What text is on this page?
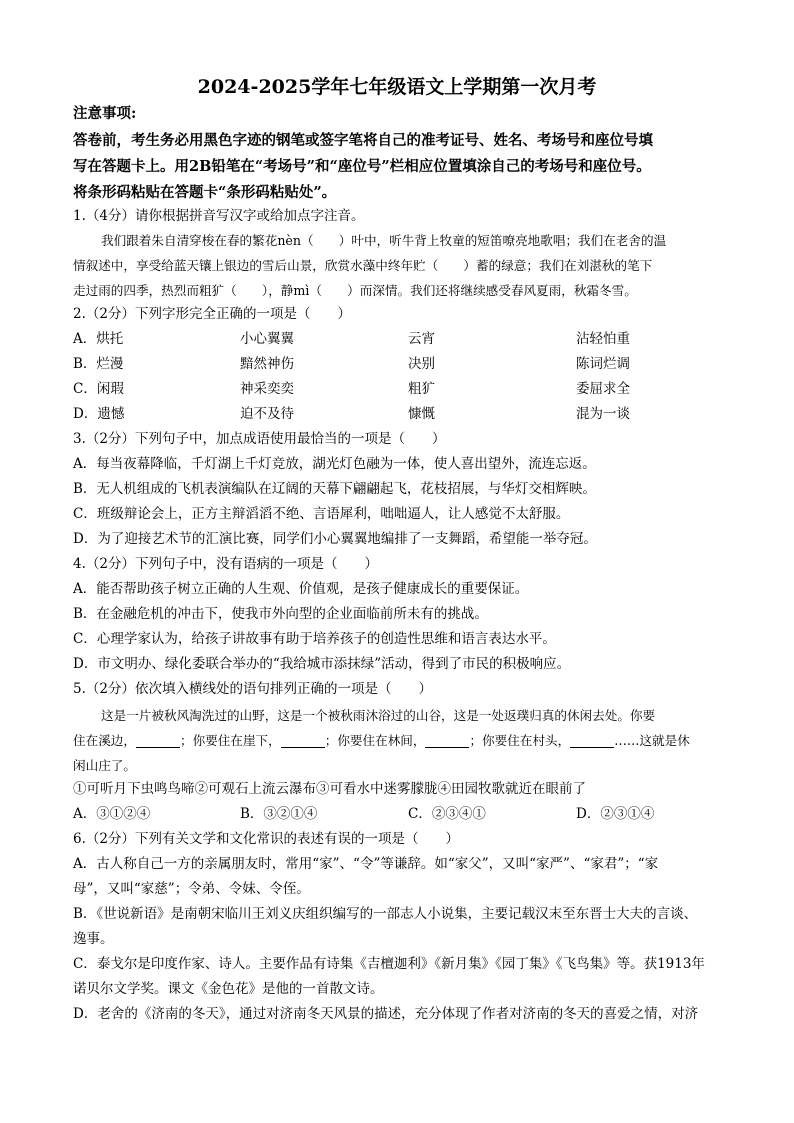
2024-2025学年七年级语文上学期第一次月考
注意事项:
答卷前，考生务必用黑色字迹的钢笔或签字笔将自己的准考证号、姓名、考场号和座位号填
写在答题卡上。用2B铅笔在“考场号”和“座位号”栏相应位置填涂自己的考场号和座位号。
将条形码粘贴在答题卡“条形码粘贴处”。
1.（4分）请你根据拼音写汉字或给加点字注音。
我们跟着朱自清穿梭在春的繁花nèn（　　）叶中，听牛背上牧童的短笛嘹亮地歌唱；我们在老舍的温
情叙述中，享受给蓝天镶上银边的雪后山景，欣赏水藻中终年贮（　　）蓄的绿意；我们在刘湛秋的笔下
走过雨的四季，热烈而粗犷（　　），静mì（　　）而深情。我们还将继续感受春风夏雨，秋霜冬雪。
2.（2分）下列字形完全正确的一项是（　　）
A．烘托	小心翼翼	云宵	沾轻怕重
B．烂漫	黯然神伤	决别	陈词烂调
C．闲瑕	神采奕奕	粗犷	委屈求全
D．遗憾	迫不及待	慷慨	混为一谈
3.（2分）下列句子中，加点成语使用最恰当的一项是（　　）
A．每当夜幕降临，千灯湖上千灯竞放，湖光灯色融为一体，使人喜出望外，流连忘返。
B．无人机组成的飞机表演编队在辽阔的天幕下翩翩起飞，花枝招展，与华灯交相辉映。
C．班级辩论会上，正方主辩滔滔不绝、言语犀利，咄咄逼人，让人感觉不太舒服。
D．为了迎接艺术节的汇演比赛，同学们小心翼翼地编排了一支舞蹈，希望能一举夺冠。
4.（2分）下列句子中，没有语病的一项是（　　）
A．能否帮助孩子树立正确的人生观、价值观，是孩子健康成长的重要保证。
B．在金融危机的冲击下，使我市外向型的企业面临前所未有的挑战。
C．心理学家认为，给孩子讲故事有助于培养孩子的创造性思维和语言表达水平。
D．市文明办、绿化委联合举办的“我给城市添抹绿”活动，得到了市民的积极响应。
5.（2分）依次填入横线处的语句排列正确的一项是（　　）
这是一片被秋风淘洗过的山野，这是一个被秋雨沐浴过的山谷，这是一处返璞归真的休闲去处。你要
住在溪边，	；你要住在崖下，	；你要住在林间，	；你要住在村头，	……这就是休
闲山庄了。
①可听月下虫鸣鸟啼②可观石上流云瀑布③可看水中迷雾朦胧④田园牧歌就近在眼前了
A．③①②④	B．③②①④	C．②③④①	D．②③①④
6.（2分）下列有关文学和文化常识的表述有误的一项是（　　）
A．古人称自己一方的亲属朋友时，常用“家”、“令”等谦辞。如“家父”，又叫“家严”、“家君”；“家
母”，又叫“家慈”；令弟、令妹、令侄。
B．《世说新语》是南朝宋临川王刘义庆组织编写的一部志人小说集，主要记载汉末至东晋士大夫的言谈、
逸事。
C．泰戈尔是印度作家、诗人。主要作品有诗集《吉檀迦利》《新月集》《园丁集》《飞鸟集》等。获1913年
诺贝尔文学奖。课文《金色花》是他的一首散文诗。
D．老舍的《济南的冬天》，通过对济南冬天风景的描述，充分体现了作者对济南的冬天的喜爱之情，对济
